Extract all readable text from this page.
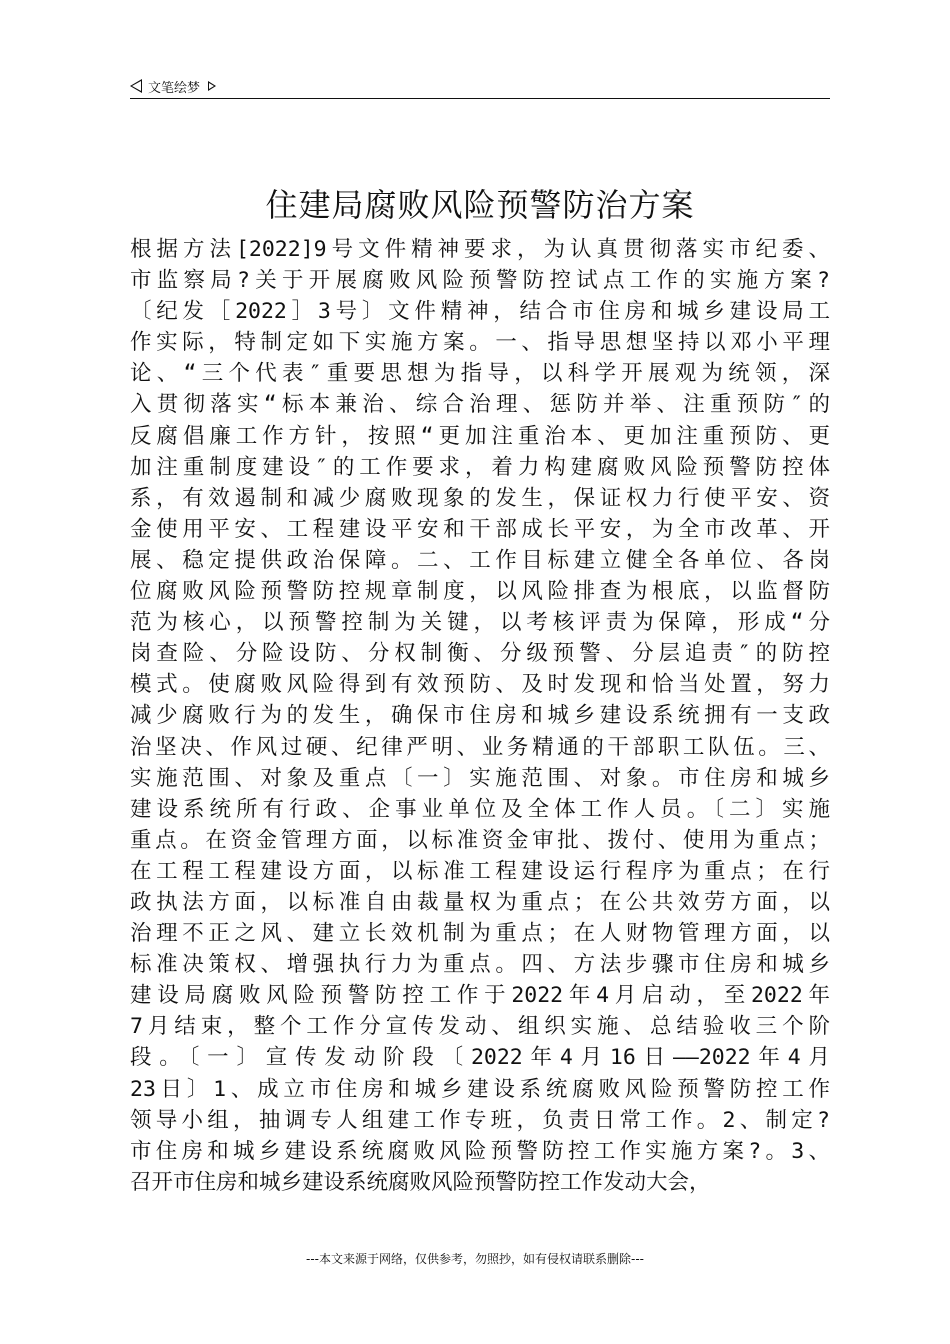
文笔绘梦
住建局腐败风险预警防治方案
根据方法[2022]9号文件精神要求，为认真贯彻落实市纪委、
市监察局?关于开展腐败风险预警防控试点工作的实施方案?
〔纪发［2022］3号〕文件精神，结合市住房和城乡建设局工
作实际，特制定如下实施方案。一、指导思想坚持以邓小平理
论、“三个代表″重要思想为指导，以科学开展观为统领，深
入贯彻落实“标本兼治、综合治理、惩防并举、注重预防″的
反腐倡廉工作方针，按照“更加注重治本、更加注重预防、更
加注重制度建设″的工作要求，着力构建腐败风险预警防控体
系，有效遏制和减少腐败现象的发生，保证权力行使平安、资
金使用平安、工程建设平安和干部成长平安，为全市改革、开
展、稳定提供政治保障。二、工作目标建立健全各单位、各岗
位腐败风险预警防控规章制度，以风险排查为根底，以监督防
范为核心，以预警控制为关键，以考核评责为保障，形成“分
岗查险、分险设防、分权制衡、分级预警、分层追责″的防控
模式。使腐败风险得到有效预防、及时发现和恰当处置，努力
减少腐败行为的发生，确保市住房和城乡建设系统拥有一支政
治坚决、作风过硬、纪律严明、业务精通的干部职工队伍。三、
实施范围、对象及重点〔一〕实施范围、对象。市住房和城乡
建设系统所有行政、企事业单位及全体工作人员。〔二〕实施
重点。在资金管理方面，以标准资金审批、拨付、使用为重点；
在工程工程建设方面，以标准工程建设运行程序为重点；在行
政执法方面，以标准自由裁量权为重点；在公共效劳方面，以
治理不正之风、建立长效机制为重点；在人财物管理方面，以
标准决策权、增强执行力为重点。四、方法步骤市住房和城乡
建设局腐败风险预警防控工作于2022年4月启动，至2022年
7月结束，整个工作分宣传发动、组织实施、总结验收三个阶
段。〔一〕宣传发动阶段〔2022年4月16日——2022年4月
23日〕1、成立市住房和城乡建设系统腐败风险预警防控工作
领导小组，抽调专人组建工作专班，负责日常工作。2、制定?
市住房和城乡建设系统腐败风险预警防控工作实施方案?。3、
召开市住房和城乡建设系统腐败风险预警防控工作发动大会，
---本文来源于网络，仅供参考，勿照抄，如有侵权请联系删除---
